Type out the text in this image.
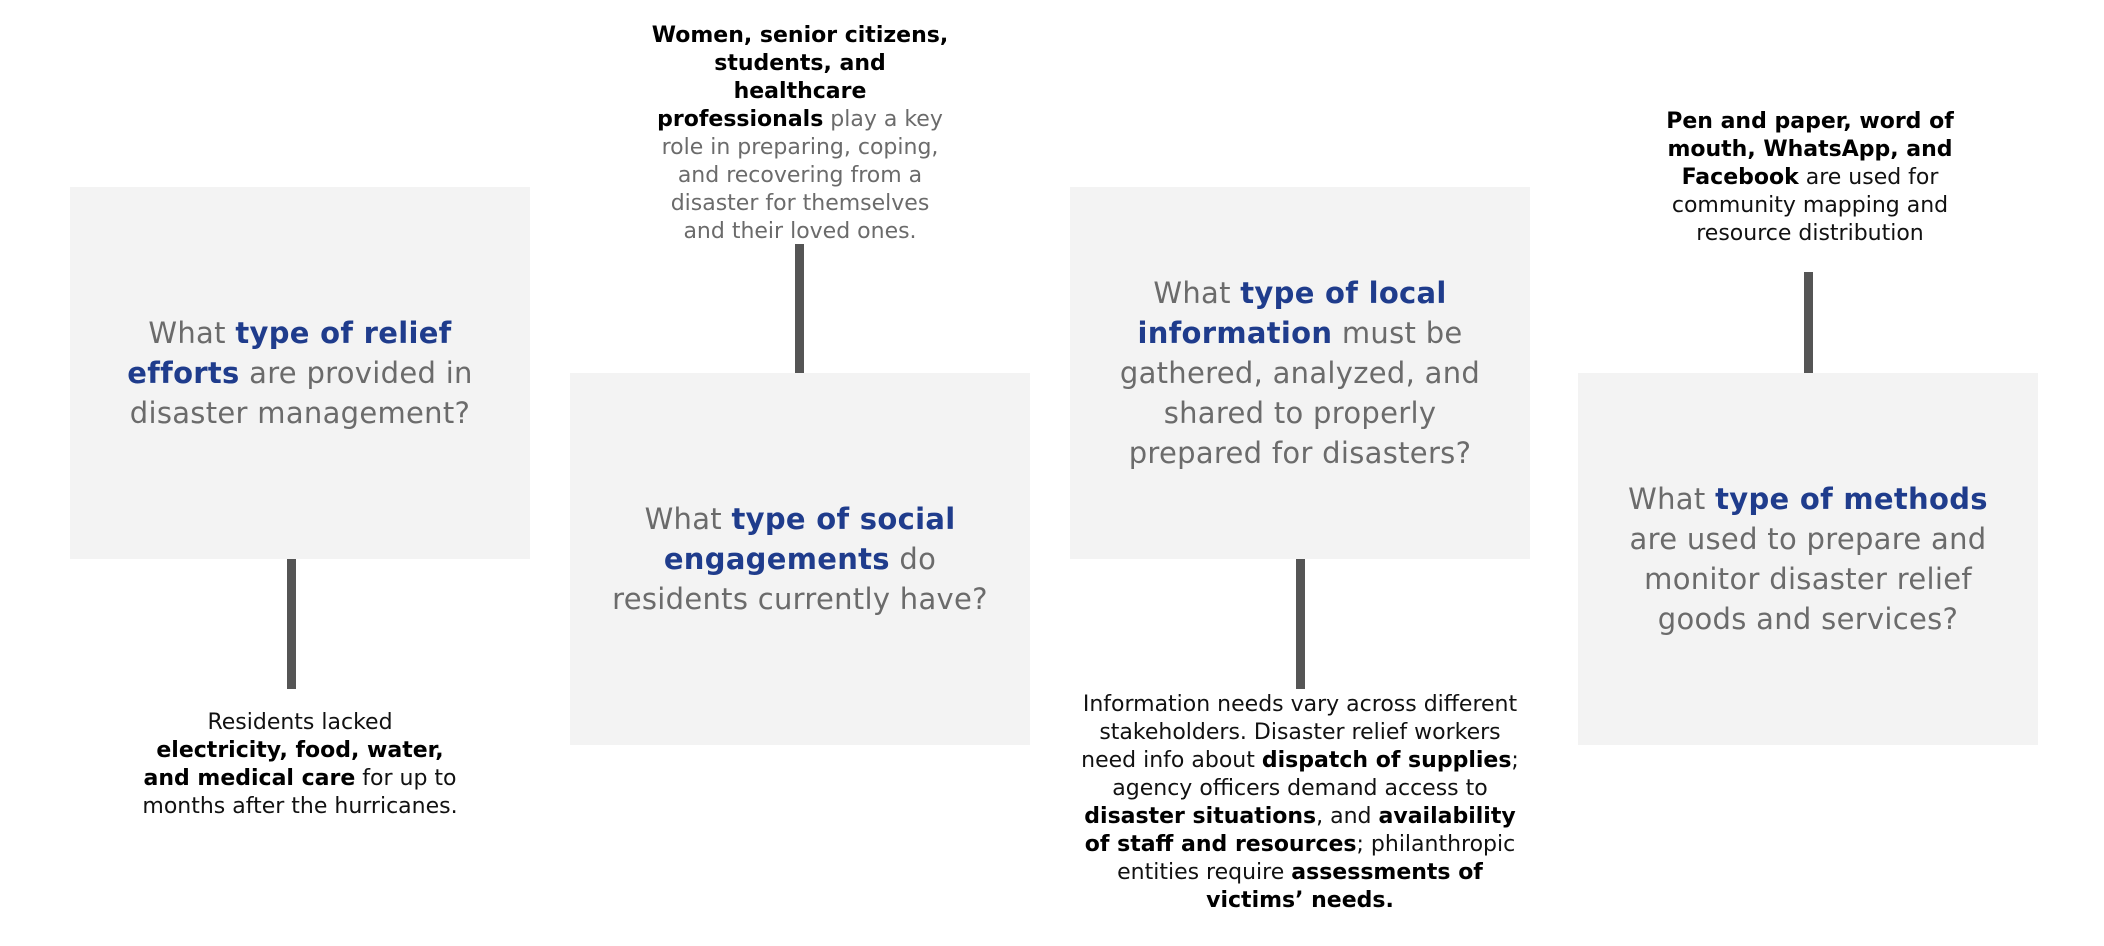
What type of relief efforts are provided in disaster management?
Residents lacked electricity, food, water, and medical care for up to months after the hurricanes.
Women, senior citizens, students, and healthcare professionals play a key role in preparing, coping, and recovering from a disaster for themselves and their loved ones.
What type of social engagements do residents currently have?
What type of local information must be gathered, analyzed, and shared to properly prepared for disasters?
Information needs vary across different stakeholders. Disaster relief workers need info about dispatch of supplies; agency officers demand access to disaster situations, and availability of staff and resources; philanthropic entities require assessments of victims’ needs.
Pen and paper, word of mouth, WhatsApp, and Facebook are used for community mapping and resource distribution
What type of methods are used to prepare and monitor disaster relief goods and services?
